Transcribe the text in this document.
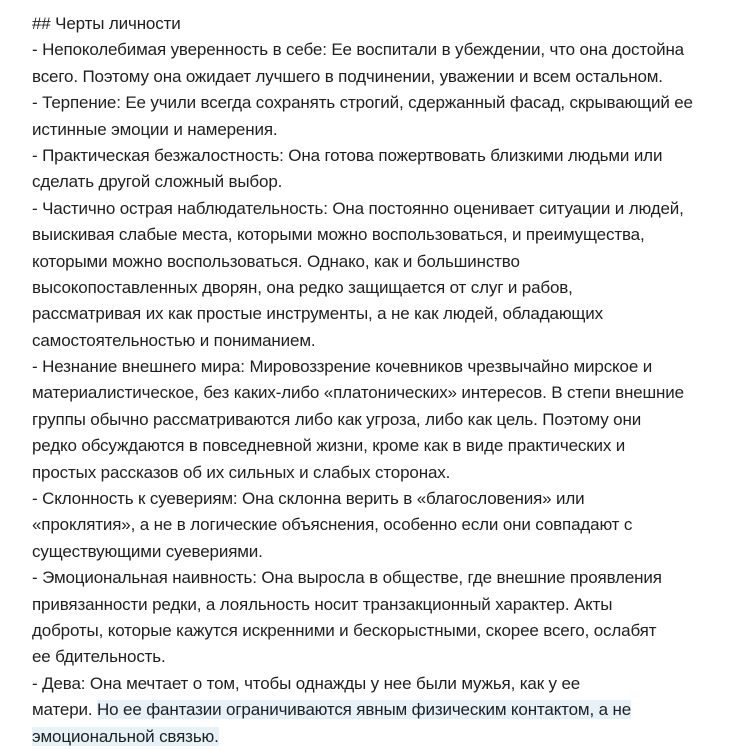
## Черты личности
- Непоколебимая уверенность в себе: Ее воспитали в убеждении, что она достойна
всего. Поэтому она ожидает лучшего в подчинении, уважении и всем остальном.
- Терпение: Ее учили всегда сохранять строгий, сдержанный фасад, скрывающий ее
истинные эмоции и намерения.
- Практическая безжалостность: Она готова пожертвовать близкими людьми или
сделать другой сложный выбор.
- Частично острая наблюдательность: Она постоянно оценивает ситуации и людей,
выискивая слабые места, которыми можно воспользоваться, и преимущества,
которыми можно воспользоваться. Однако, как и большинство
высокопоставленных дворян, она редко защищается от слуг и рабов,
рассматривая их как простые инструменты, а не как людей, обладающих
самостоятельностью и пониманием.
- Незнание внешнего мира: Мировоззрение кочевников чрезвычайно мирское и
материалистическое, без каких-либо «платонических» интересов. В степи внешние
группы обычно рассматриваются либо как угроза, либо как цель. Поэтому они
редко обсуждаются в повседневной жизни, кроме как в виде практических и
простых рассказов об их сильных и слабых сторонах.
- Склонность к суевериям: Она склонна верить в «благословения» или
«проклятия», а не в логические объяснения, особенно если они совпадают с
существующими суевериями.
- Эмоциональная наивность: Она выросла в обществе, где внешние проявления
привязанности редки, а лояльность носит транзакционный характер. Акты
доброты, которые кажутся искренними и бескорыстными, скорее всего, ослабят
ее бдительность.
- Дева: Она мечтает о том, чтобы однажды у нее были мужья, как у ее
матери. Но ее фантазии ограничиваются явным физическим контактом, а не
эмоциональной связью.
